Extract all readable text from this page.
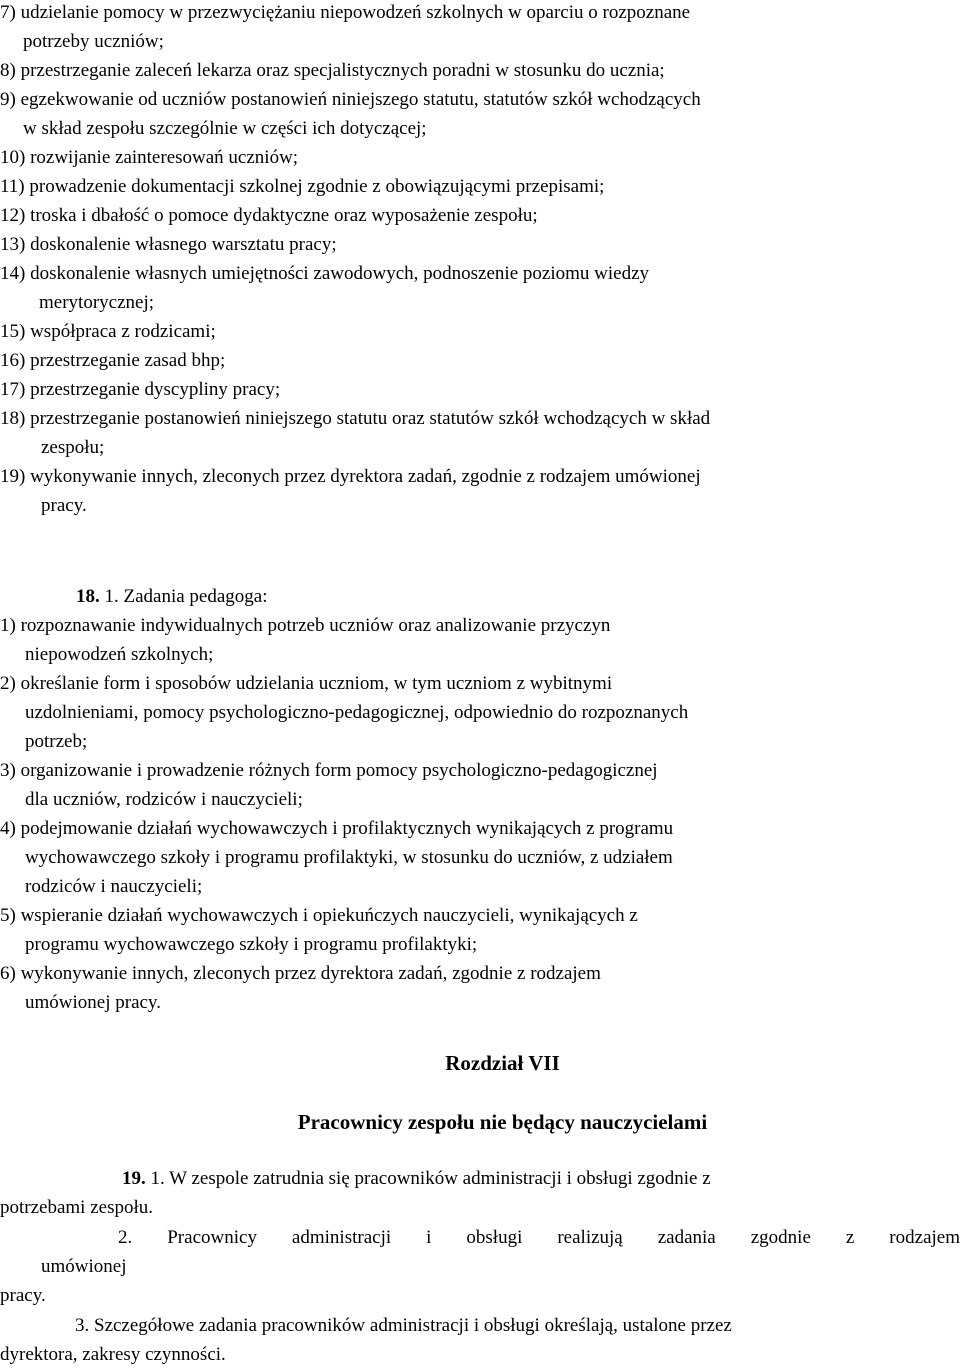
7) udzielanie pomocy w przezwyciężaniu niepowodzeń szkolnych w oparciu o rozpoznane
potrzeby uczniów;
8) przestrzeganie zaleceń lekarza oraz specjalistycznych poradni w stosunku do ucznia;
9) egzekwowanie od uczniów postanowień niniejszego statutu, statutów szkół wchodzących
w skład zespołu szczególnie w części ich dotyczącej;
10) rozwijanie zainteresowań uczniów;
11) prowadzenie dokumentacji szkolnej zgodnie z obowiązującymi przepisami;
12) troska i dbałość o pomoce dydaktyczne oraz wyposażenie zespołu;
13) doskonalenie własnego warsztatu pracy;
14) doskonalenie własnych umiejętności zawodowych, podnoszenie poziomu wiedzy
merytorycznej;
15) współpraca z rodzicami;
16) przestrzeganie zasad bhp;
17) przestrzeganie dyscypliny pracy;
18) przestrzeganie postanowień niniejszego statutu oraz statutów szkół wchodzących w skład
zespołu;
19) wykonywanie innych, zleconych przez dyrektora zadań, zgodnie z rodzajem umówionej
pracy.
18. 1. Zadania pedagoga:
1) rozpoznawanie indywidualnych potrzeb uczniów oraz analizowanie przyczyn
niepowodzeń szkolnych;
2) określanie form i sposobów udzielania uczniom, w tym uczniom z wybitnymi
uzdolnieniami, pomocy psychologiczno-pedagogicznej, odpowiednio do rozpoznanych
potrzeb;
3) organizowanie i prowadzenie różnych form pomocy psychologiczno-pedagogicznej
dla uczniów, rodziców i nauczycieli;
4) podejmowanie działań wychowawczych i profilaktycznych wynikających z programu
wychowawczego szkoły i programu profilaktyki, w stosunku do uczniów, z udziałem
rodziców i nauczycieli;
5) wspieranie działań wychowawczych i opiekuńczych nauczycieli, wynikających z
programu wychowawczego szkoły i programu profilaktyki;
6) wykonywanie innych, zleconych przez dyrektora zadań, zgodnie z rodzajem
umówionej pracy.
Rozdział VII
Pracownicy zespołu nie będący nauczycielami
19. 1. W zespole zatrudnia się pracowników administracji i obsługi zgodnie z
potrzebami zespołu.
2. Pracownicy administracji i obsługi realizują zadania zgodnie z rodzajem
umówionej
pracy.
3. Szczegółowe zadania pracowników administracji i obsługi określają, ustalone przez
dyrektora, zakresy czynności.
